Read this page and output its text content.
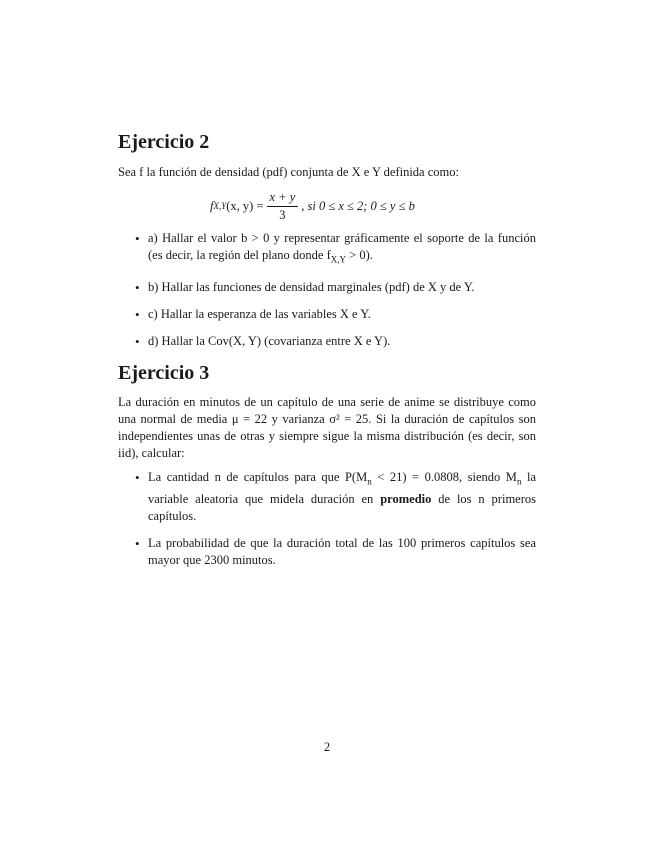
Ejercicio 2

Sea f la función de densidad (pdf) conjunta de X e Y definida como:

f X,Y (x, $y) = \frac{x + y}{3}$ , si 0 ≤ x ≤ 2; 0 ≤ y ≤ b
• a) Hallar el valor b > 0 y representar gráficamente el soporte de la función (es decir, la región del plano donde $f_{X,Y} > 0$).
• b) Hallar las funciones de densidad marginales (pdf) de X y de Y.
• c) Hallar la esperanza de las variables X e Y.
• d) Hallar la Cov(X, Y) (covarianza entre X e Y).
Ejercicio 3

La duración en minutos de un capítulo de una serie de anime se distribuye como una normal de media μ = 22 y varianza σ² = 25. Si la duración de capítulos son independientes unas de otras y siempre sigue la misma distribución (es decir, son iid), calcular:

• La cantidad n de capítulos para que $P(M_n < 21) = 0.0808$, siendo $M_n$ la variable aleatoria que midela duración en promedio de los n primeros capítulos.
• La probabilidad de que la duración total de las 100 primeros capítulos sea mayor que 2300 minutos.
2
